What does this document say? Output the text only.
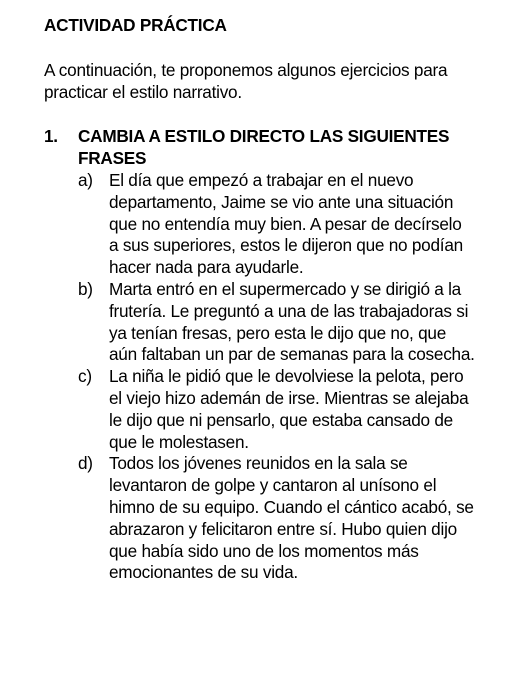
ACTIVIDAD PRÁCTICA

A continuación, te proponemos algunos ejercicios para
practicar el estilo narrativo.

1.	CAMBIA A ESTILO DIRECTO LAS SIGUIENTES
FRASES
a) El día que empezó a trabajar en el nuevo
departamento, Jaime se vio ante una situación
que no entendía muy bien. A pesar de decírselo
a sus superiores, estos le dijeron que no podían
hacer nada para ayudarle.
b) Marta entró en el supermercado y se dirigió a la
frutería. Le preguntó a una de las trabajadoras si
ya tenían fresas, pero esta le dijo que no, que
aún faltaban un par de semanas para la cosecha.
c) La niña le pidió que le devolviese la pelota, pero
el viejo hizo ademán de irse. Mientras se alejaba
le dijo que ni pensarlo, que estaba cansado de
que le molestasen.
d) Todos los jóvenes reunidos en la sala se
levantaron de golpe y cantaron al unísono el
himno de su equipo. Cuando el cántico acabó, se
abrazaron y felicitaron entre sí. Hubo quien dijo
que había sido uno de los momentos más
emocionantes de su vida.
